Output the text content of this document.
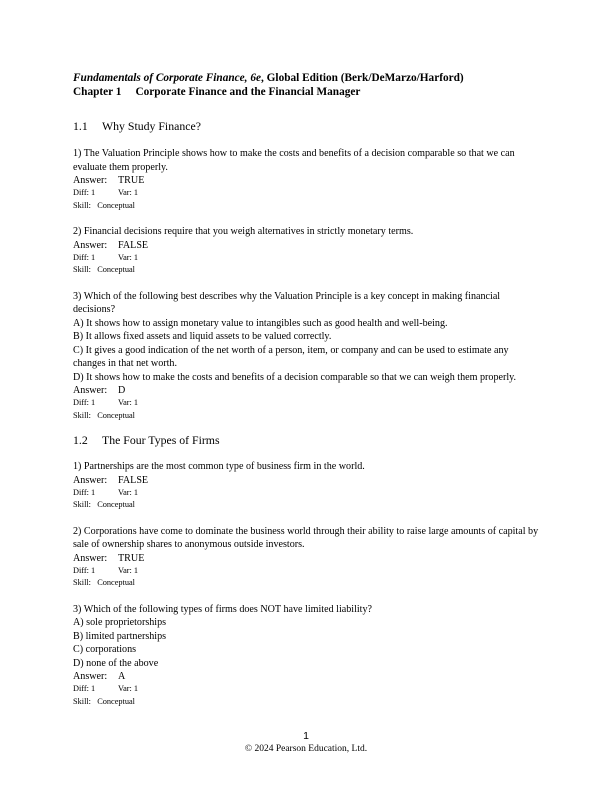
Fundamentals of Corporate Finance, 6e, Global Edition (Berk/DeMarzo/Harford)

Chapter 1 Corporate Finance and the Financial Manager

1.1 Why Study Finance?

1) The Valuation Principle shows how to make the costs and benefits of a decision comparable so that we can evaluate them properly.

Answer: TRUE

Diff: 1	Var: 1

Skill:   Conceptual

2) Financial decisions require that you weigh alternatives in strictly monetary terms.

Answer: FALSE

Diff: 1	Var: 1

Skill:   Conceptual

3) Which of the following best describes why the Valuation Principle is a key concept in making financial decisions?

A) It shows how to assign monetary value to intangibles such as good health and well-being.

B) It allows fixed assets and liquid assets to be valued correctly.

C) It gives a good indication of the net worth of a person, item, or company and can be used to estimate any changes in that net worth.

D) It shows how to make the costs and benefits of a decision comparable so that we can weigh them properly.

Answer: D

Diff: 1	Var: 1

Skill:   Conceptual

1.2 The Four Types of Firms

1) Partnerships are the most common type of business firm in the world.

Answer: FALSE

Diff: 1	Var: 1

Skill:   Conceptual

2) Corporations have come to dominate the business world through their ability to raise large amounts of capital by sale of ownership shares to anonymous outside investors.

Answer: TRUE

Diff: 1	Var: 1

Skill:   Conceptual

3) Which of the following types of firms does NOT have limited liability?

A) sole proprietorships

B) limited partnerships

C) corporations

D) none of the above

Answer: A

Diff: 1	Var: 1

Skill:   Conceptual

1
© 2024 Pearson Education, Ltd.
